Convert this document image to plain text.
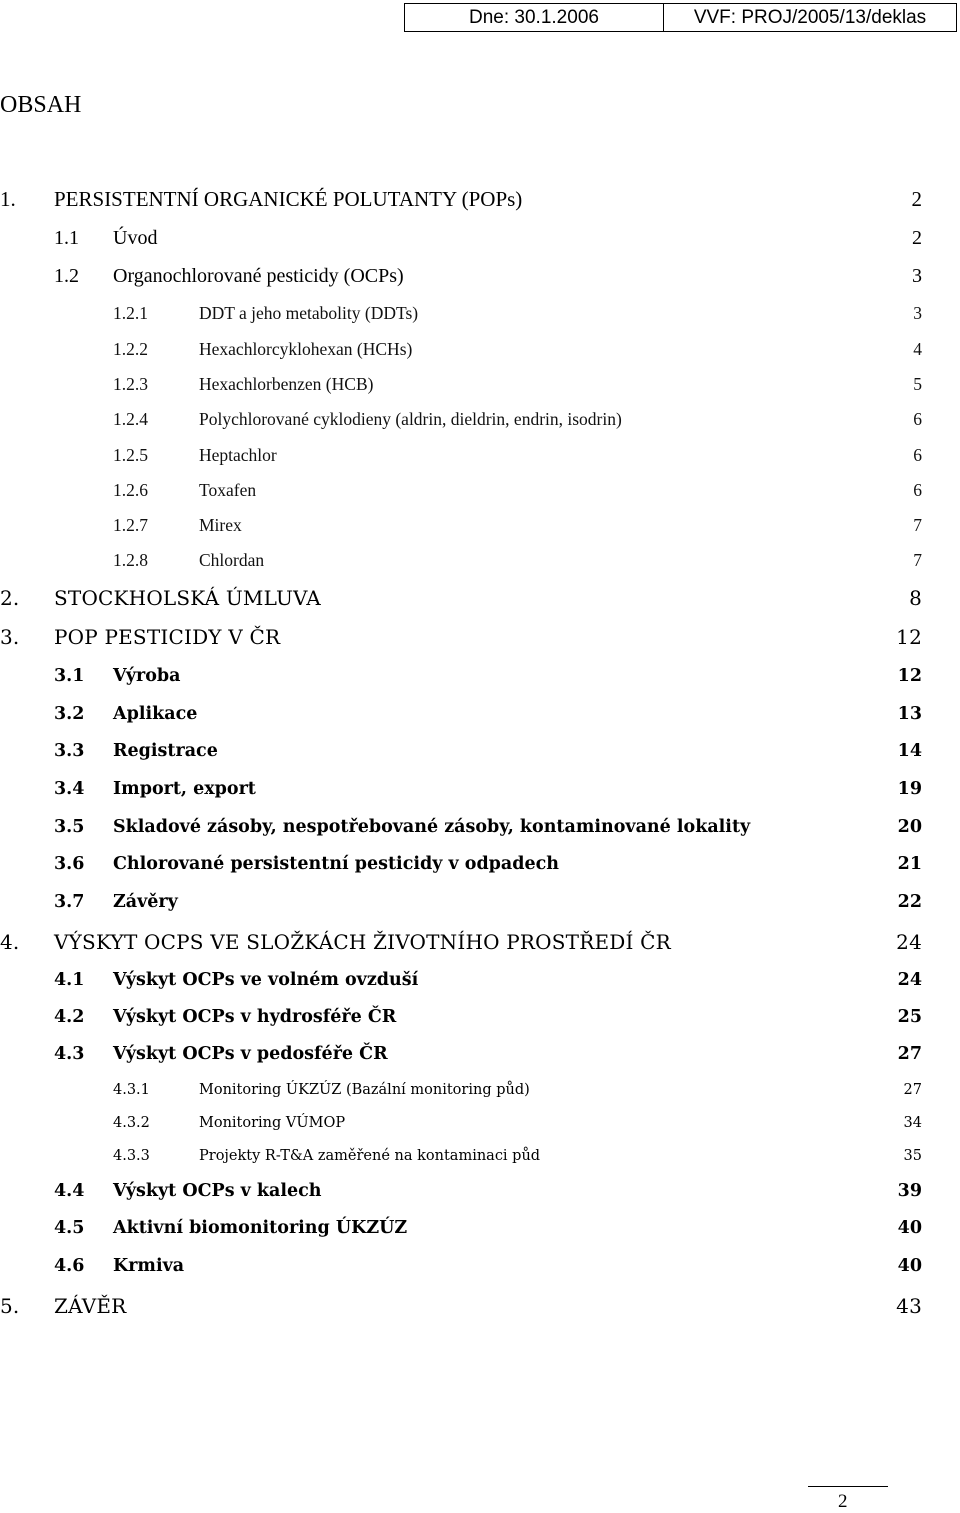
Dne: 30.1.2006	VVF: PROJ/2005/13/deklas
OBSAH
1.	PERSISTENTNÍ ORGANICKÉ POLUTANTY (POPs)	2
1.1	Úvod	2
1.2	Organochlorované pesticidy (OCPs)	3
1.2.1	DDT a jeho metabolity (DDTs)	3
1.2.2	Hexachlorcyklohexan (HCHs)	4
1.2.3	Hexachlorbenzen (HCB)	5
1.2.4	Polychlorované cyklodieny (aldrin, dieldrin, endrin, isodrin)	6
1.2.5	Heptachlor	6
1.2.6	Toxafen	6
1.2.7	Mirex	7
1.2.8	Chlordan	7
2.	STOCKHOLSKÁ ÚMLUVA	8
3.	POP PESTICIDY V ČR	12
3.1	Výroba	12
3.2	Aplikace	13
3.3	Registrace	14
3.4	Import, export	19
3.5	Skladové zásoby, nespotřebované zásoby, kontaminované lokality	20
3.6	Chlorované persistentní pesticidy v odpadech	21
3.7	Závěry	22
4.	VÝSKYT OCPS VE SLOŽKÁCH ŽIVOTNÍHO PROSTŘEDÍ ČR	24
4.1	Výskyt OCPs ve volném ovzduší	24
4.2	Výskyt OCPs v hydrosféře ČR	25
4.3	Výskyt OCPs v pedosféře ČR	27
4.3.1	Monitoring ÚKZÚZ (Bazální monitoring půd)	27
4.3.2	Monitoring VÚMOP	34
4.3.3	Projekty R-T&A zaměřené na kontaminaci půd	35
4.4	Výskyt OCPs v kalech	39
4.5	Aktivní biomonitoring ÚKZÚZ	40
4.6	Krmiva	40
5.	ZÁVĚR	43
2
